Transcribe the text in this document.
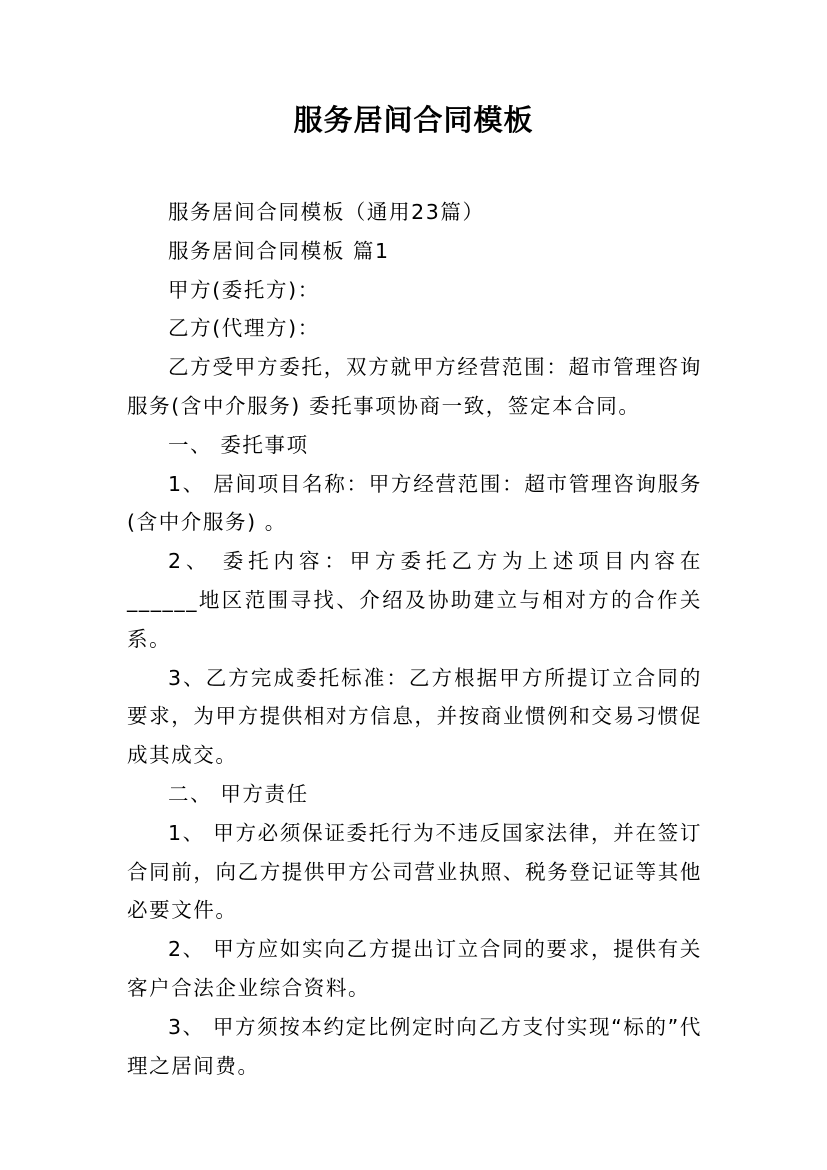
服务居间合同模板

服务居间合同模板（通用23篇）

服务居间合同模板 篇1

甲方(委托方)：

乙方(代理方)：

乙方受甲方委托，双方就甲方经营范围：超市管理咨询服务(含中介服务) 委托事项协商一致，签定本合同。

一、 委托事项

1、 居间项目名称：甲方经营范围：超市管理咨询服务(含中介服务) 。

2、 委托内容：甲方委托乙方为上述项目内容在______地区范围寻找、介绍及协助建立与相对方的合作关系。

3、乙方完成委托标准：乙方根据甲方所提订立合同的要求，为甲方提供相对方信息，并按商业惯例和交易习惯促成其成交。

二、 甲方责任

1、 甲方必须保证委托行为不违反国家法律，并在签订合同前，向乙方提供甲方公司营业执照、税务登记证等其他必要文件。

2、 甲方应如实向乙方提出订立合同的要求，提供有关客户合法企业综合资料。

3、 甲方须按本约定比例定时向乙方支付实现“标的”代理之居间费。
